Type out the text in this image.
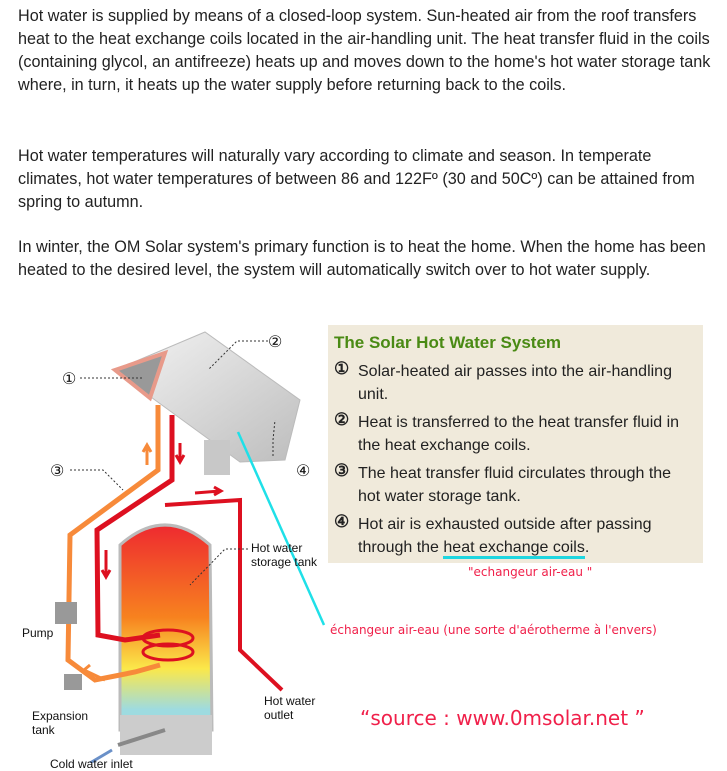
Hot water is supplied by means of a closed-loop system. Sun-heated air from the roof transfers heat to the heat exchange coils located in the air-handling unit. The heat transfer fluid in the coils (containing glycol, an antifreeze) heats up and moves down to the home's hot water storage tank where, in turn, it heats up the water supply before returning back to the coils.

Hot water temperatures will naturally vary according to climate and season. In temperate climates, hot water temperatures of between 86 and 122Fº (30 and 50Cº) can be attained from spring to autumn.

In winter, the OM Solar system's primary function is to heat the home. When the home has been heated to the desired level, the system will automatically switch over to hot water supply.

①
②
③	④
Hot water storage tank
Pump
Expansion tank
Hot water outlet
Cold water inlet
The Solar Hot Water System
① Solar-heated air passes into the air-handling unit.
② Heat is transferred to the heat transfer fluid in the heat exchange coils.
③ The heat transfer fluid circulates through the hot water storage tank.
④ Hot air is exhausted outside after passing through the heat exchange coils.
"echangeur air-eau "
échangeur air-eau (une sorte d'aérotherme à l'envers)
“source : www.0msolar.net ”
